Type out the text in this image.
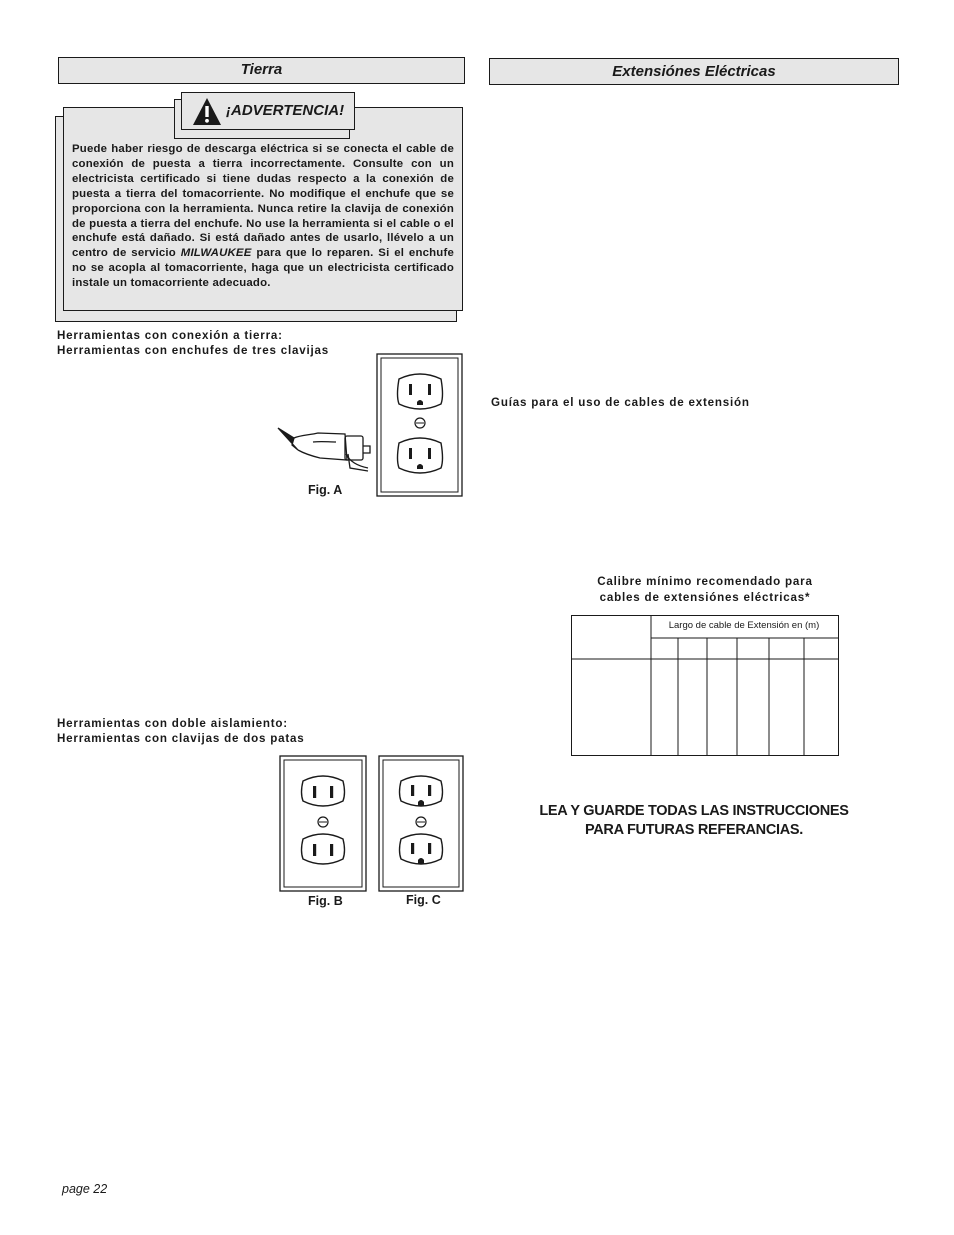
Tierra	Extensiónes Eléctricas
¡ADVERTENCIA!
Puede haber riesgo de descarga eléctrica si se conecta el cable de conexión de puesta a tierra incorrectamente. Consulte con un electricista certificado si tiene dudas respecto a la conexión de puesta a tierra del tomacorriente. No modifique el enchufe que se proporciona con la herramienta. Nunca retire la clavija de conexión de puesta a tierra del enchufe. No use la herramienta si el cable o el enchufe está dañado. Si está dañado antes de usarlo, llévelo a un centro de servicio MILWAUKEE para que lo reparen. Si el enchufe no se acopla al tomacorriente, haga que un electricista certificado instale un tomacorriente adecuado.
Herramientas con conexión a tierra:
Herramientas con enchufes de tres clavijas
Fig. A
Herramientas con doble aislamiento:
Herramientas con clavijas de dos patas
Fig. B	Fig. C
Guías para el uso de cables de extensión
Calibre mínimo recomendado para
cables de extensiónes eléctricas*
Largo de cable de Extensión en (m)
LEA Y GUARDE TODAS LAS INSTRUCCIONES
PARA FUTURAS REFERANCIAS.
page 22
